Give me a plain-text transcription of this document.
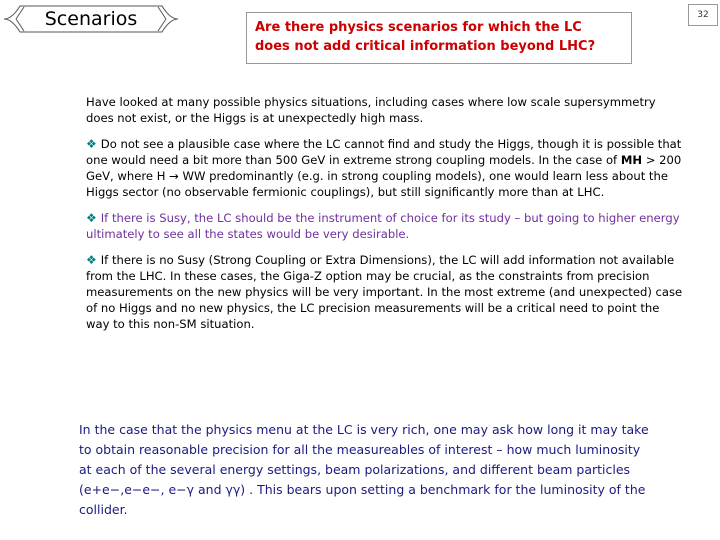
Scenarios	32
Are there physics scenarios for which the LC
does not add critical information beyond LHC?

Have looked at many possible physics situations, including cases where low scale supersymmetry does not exist, or the Higgs is at unexpectedly high mass.

❖ Do not see a plausible case where the LC cannot find and study the Higgs, though it is possible that one would need a bit more than 500 GeV in extreme strong coupling models. In the case of MH > 200 GeV, where H → WW predominantly (e.g. in strong coupling models), one would learn less about the Higgs sector (no observable fermionic couplings), but still significantly more than at LHC.

❖ If there is Susy, the LC should be the instrument of choice for its study – but going to higher energy ultimately to see all the states would be very desirable.

❖ If there is no Susy (Strong Coupling or Extra Dimensions), the LC will add information not available from the LHC. In these cases, the Giga-Z option may be crucial, as the constraints from precision measurements on the new physics will be very important. In the most extreme (and unexpected) case of no Higgs and no new physics, the LC precision measurements will be a critical need to point the way to this non-SM situation.

In the case that the physics menu at the LC is very rich, one may ask how long it may take to obtain reasonable precision for all the measureables of interest – how much luminosity at each of the several energy settings, beam polarizations, and different beam particles (e+e−,e−e−, e−γ and γγ) . This bears upon setting a benchmark for the luminosity of the collider.
